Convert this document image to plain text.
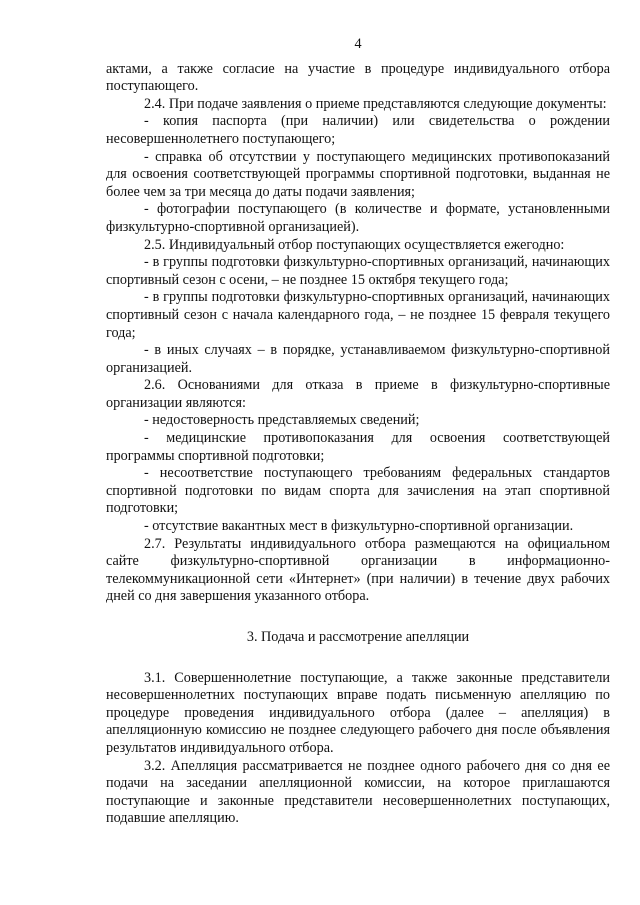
4

актами, а также согласие на участие в процедуре индивидуального отбора поступающего.

2.4. При подаче заявления о приеме представляются следующие документы:

- копия паспорта (при наличии) или свидетельства о рождении несовершеннолетнего поступающего;

- справка об отсутствии у поступающего медицинских противопоказаний для освоения соответствующей программы спортивной подготовки, выданная не более чем за три месяца до даты подачи заявления;

- фотографии поступающего (в количестве и формате, установленными физкультурно-спортивной организацией).

2.5. Индивидуальный отбор поступающих осуществляется ежегодно:

- в группы подготовки физкультурно-спортивных организаций, начинающих спортивный сезон с осени, – не позднее 15 октября текущего года;

- в группы подготовки физкультурно-спортивных организаций, начинающих спортивный сезон с начала календарного года, – не позднее 15 февраля текущего года;

- в иных случаях – в порядке, устанавливаемом физкультурно-спортивной организацией.

2.6. Основаниями для отказа в приеме в физкультурно-спортивные организации являются:

- недостоверность представляемых сведений;

- медицинские противопоказания для освоения соответствующей программы спортивной подготовки;

- несоответствие поступающего требованиям федеральных стандартов спортивной подготовки по видам спорта для зачисления на этап спортивной подготовки;

- отсутствие вакантных мест в физкультурно-спортивной организации.

2.7. Результаты индивидуального отбора размещаются на официальном сайте физкультурно-спортивной организации в информационно-телекоммуникационной сети «Интернет» (при наличии) в течение двух рабочих дней со дня завершения указанного отбора.

3. Подача и рассмотрение апелляции

3.1. Совершеннолетние поступающие, а также законные представители несовершеннолетних поступающих вправе подать письменную апелляцию по процедуре проведения индивидуального отбора (далее – апелляция) в апелляционную комиссию не позднее следующего рабочего дня после объявления результатов индивидуального отбора.

3.2. Апелляция рассматривается не позднее одного рабочего дня со дня ее подачи на заседании апелляционной комиссии, на которое приглашаются поступающие и законные представители несовершеннолетних поступающих, подавшие апелляцию.
